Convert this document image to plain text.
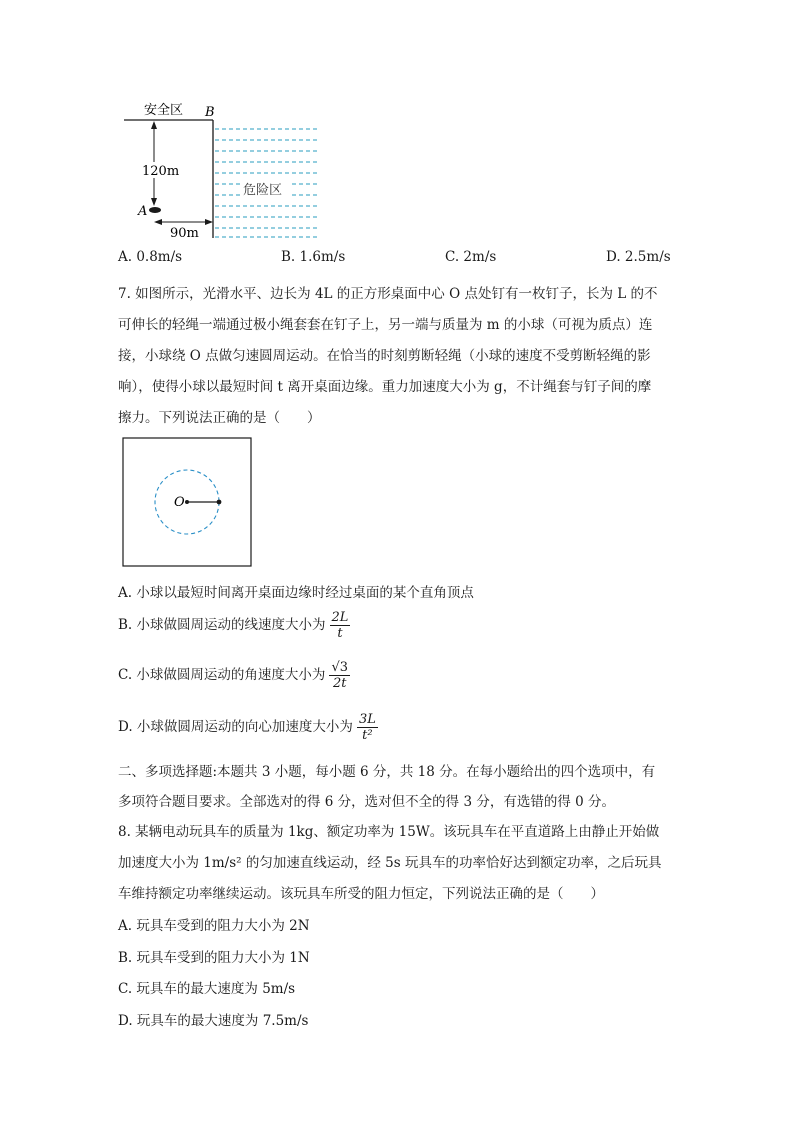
安全区 B
危险区
120m
A
90m
A. 0.8m/s	B. 1.6m/s	C. 2m/s	D. 2.5m/s
7. 如图所示，光滑水平、边长为 4L 的正方形桌面中心 O 点处钉有一枚钉子，长为 L 的不
可伸长的轻绳一端通过极小绳套套在钉子上，另一端与质量为 m 的小球（可视为质点）连
接，小球绕 O 点做匀速圆周运动。在恰当的时刻剪断轻绳（小球的速度不受剪断轻绳的影
响），使得小球以最短时间 t 离开桌面边缘。重力加速度大小为 g，不计绳套与钉子间的摩
擦力。下列说法正确的是（　　）
O
A. 小球以最短时间离开桌面边缘时经过桌面的某个直角顶点
B. 小球做圆周运动的线速度大小为 $\frac{2L}{t}$
C. 小球做圆周运动的角速度大小为 $\frac{√3}{2t}$
D. 小球做圆周运动的向心加速度大小为 $\frac{3L}{\text{t²}}$
二、多项选择题:本题共 3 小题，每小题 6 分，共 18 分。在每小题给出的四个选项中，有
多项符合题目要求。全部选对的得 6 分，选对但不全的得 3 分，有选错的得 0 分。
8. 某辆电动玩具车的质量为 1kg、额定功率为 15W。该玩具车在平直道路上由静止开始做
加速度大小为 1m/s² 的匀加速直线运动，经 5s 玩具车的功率恰好达到额定功率，之后玩具
车维持额定功率继续运动。该玩具车所受的阻力恒定，下列说法正确的是（　　）
A. 玩具车受到的阻力大小为 2N
B. 玩具车受到的阻力大小为 1N
C. 玩具车的最大速度为 5m/s
D. 玩具车的最大速度为 7.5m/s
